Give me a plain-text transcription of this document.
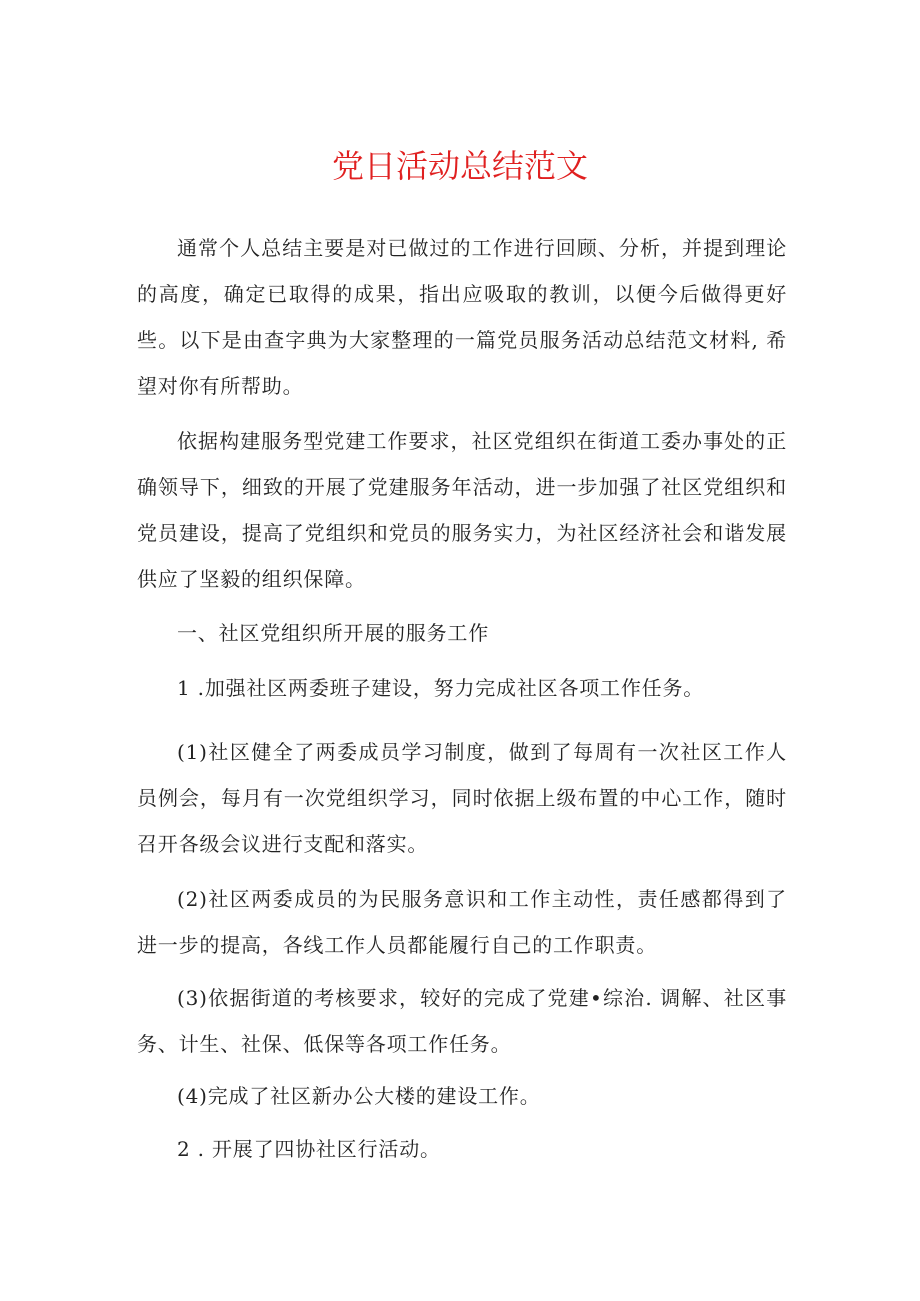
党日活动总结范文

通常个人总结主要是对已做过的工作进行回顾、分析，并提到理论的高度，确定已取得的成果，指出应吸取的教训，以便今后做得更好些。以下是由查字典为大家整理的一篇党员服务活动总结范文材料, 希望对你有所帮助。

依据构建服务型党建工作要求，社区党组织在街道工委办事处的正确领导下，细致的开展了党建服务年活动，进一步加强了社区党组织和党员建设，提高了党组织和党员的服务实力，为社区经济社会和谐发展供应了坚毅的组织保障。

一、社区党组织所开展的服务工作

1 .加强社区两委班子建设，努力完成社区各项工作任务。

(1)社区健全了两委成员学习制度，做到了每周有一次社区工作人员例会，每月有一次党组织学习，同时依据上级布置的中心工作，随时召开各级会议进行支配和落实。

(2)社区两委成员的为民服务意识和工作主动性，责任感都得到了进一步的提高，各线工作人员都能履行自己的工作职责。

(3)依据街道的考核要求，较好的完成了党建•综治. 调解、社区事务、计生、社保、低保等各项工作任务。

(4)完成了社区新办公大楼的建设工作。

2 . 开展了四协社区行活动。
